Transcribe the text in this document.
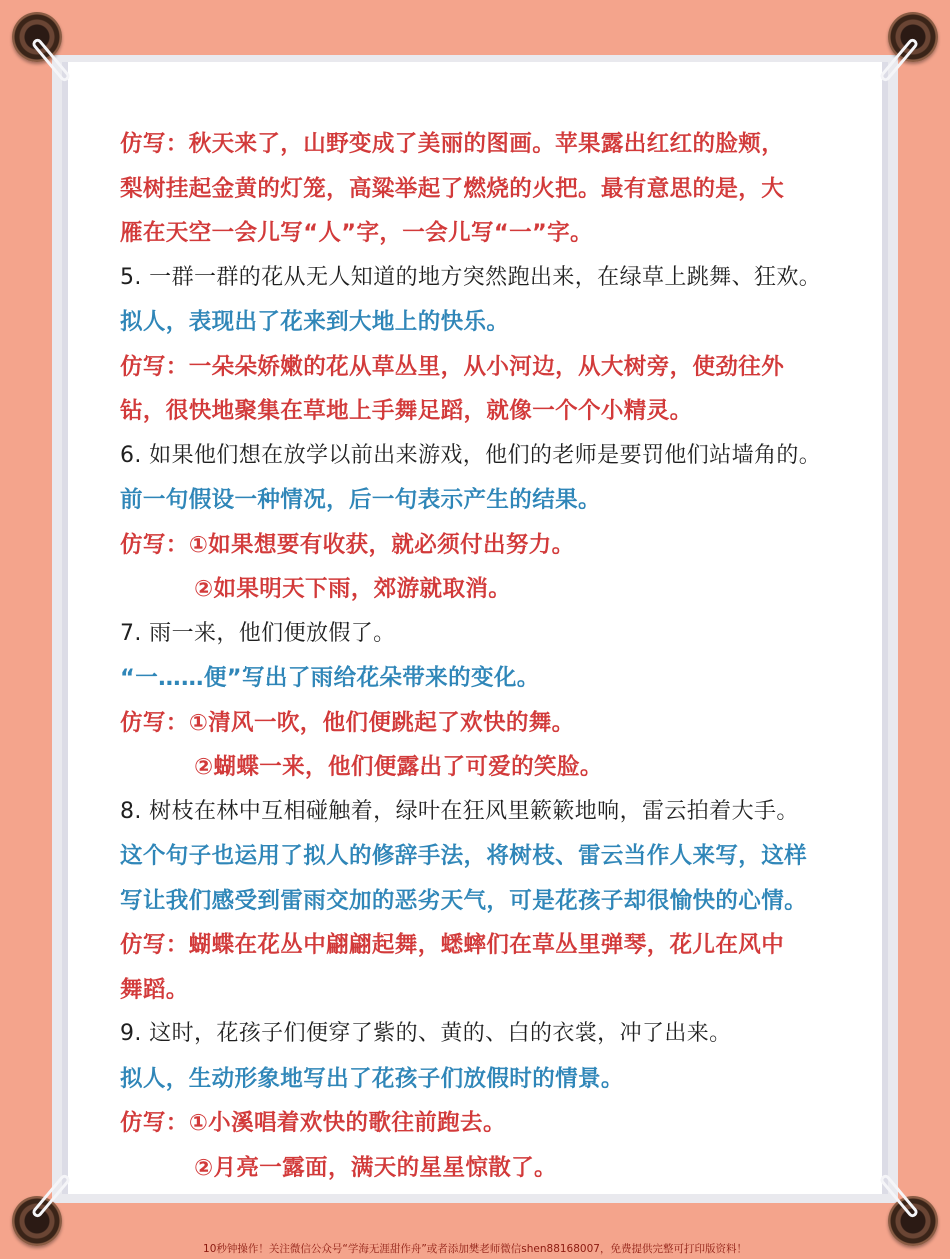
仿写：秋天来了，山野变成了美丽的图画。苹果露出红红的脸颊，
梨树挂起金黄的灯笼，高粱举起了燃烧的火把。最有意思的是，大
雁在天空一会儿写“人”字，一会儿写“一”字。
5. 一群一群的花从无人知道的地方突然跑出来，在绿草上跳舞、狂欢。
拟人，表现出了花来到大地上的快乐。
仿写：一朵朵娇嫩的花从草丛里，从小河边，从大树旁，使劲往外
钻，很快地聚集在草地上手舞足蹈，就像一个个小精灵。
6. 如果他们想在放学以前出来游戏，他们的老师是要罚他们站墙角的。
前一句假设一种情况，后一句表示产生的结果。
仿写：①如果想要有收获，就必须付出努力。
②如果明天下雨，郊游就取消。
7. 雨一来，他们便放假了。
“一……便”写出了雨给花朵带来的变化。
仿写：①清风一吹，他们便跳起了欢快的舞。
②蝴蝶一来，他们便露出了可爱的笑脸。
8. 树枝在林中互相碰触着，绿叶在狂风里簌簌地响，雷云拍着大手。
这个句子也运用了拟人的修辞手法，将树枝、雷云当作人来写，这样
写让我们感受到雷雨交加的恶劣天气，可是花孩子却很愉快的心情。
仿写：蝴蝶在花丛中翩翩起舞，蟋蟀们在草丛里弹琴，花儿在风中
舞蹈。
9. 这时，花孩子们便穿了紫的、黄的、白的衣裳，冲了出来。
拟人，生动形象地写出了花孩子们放假时的情景。
仿写：①小溪唱着欢快的歌往前跑去。
②月亮一露面，满天的星星惊散了。
10秒钟操作！关注微信公众号“学海无涯甜作舟”或者添加樊老师微信shen88168007，免费提供完整可打印版资料！
